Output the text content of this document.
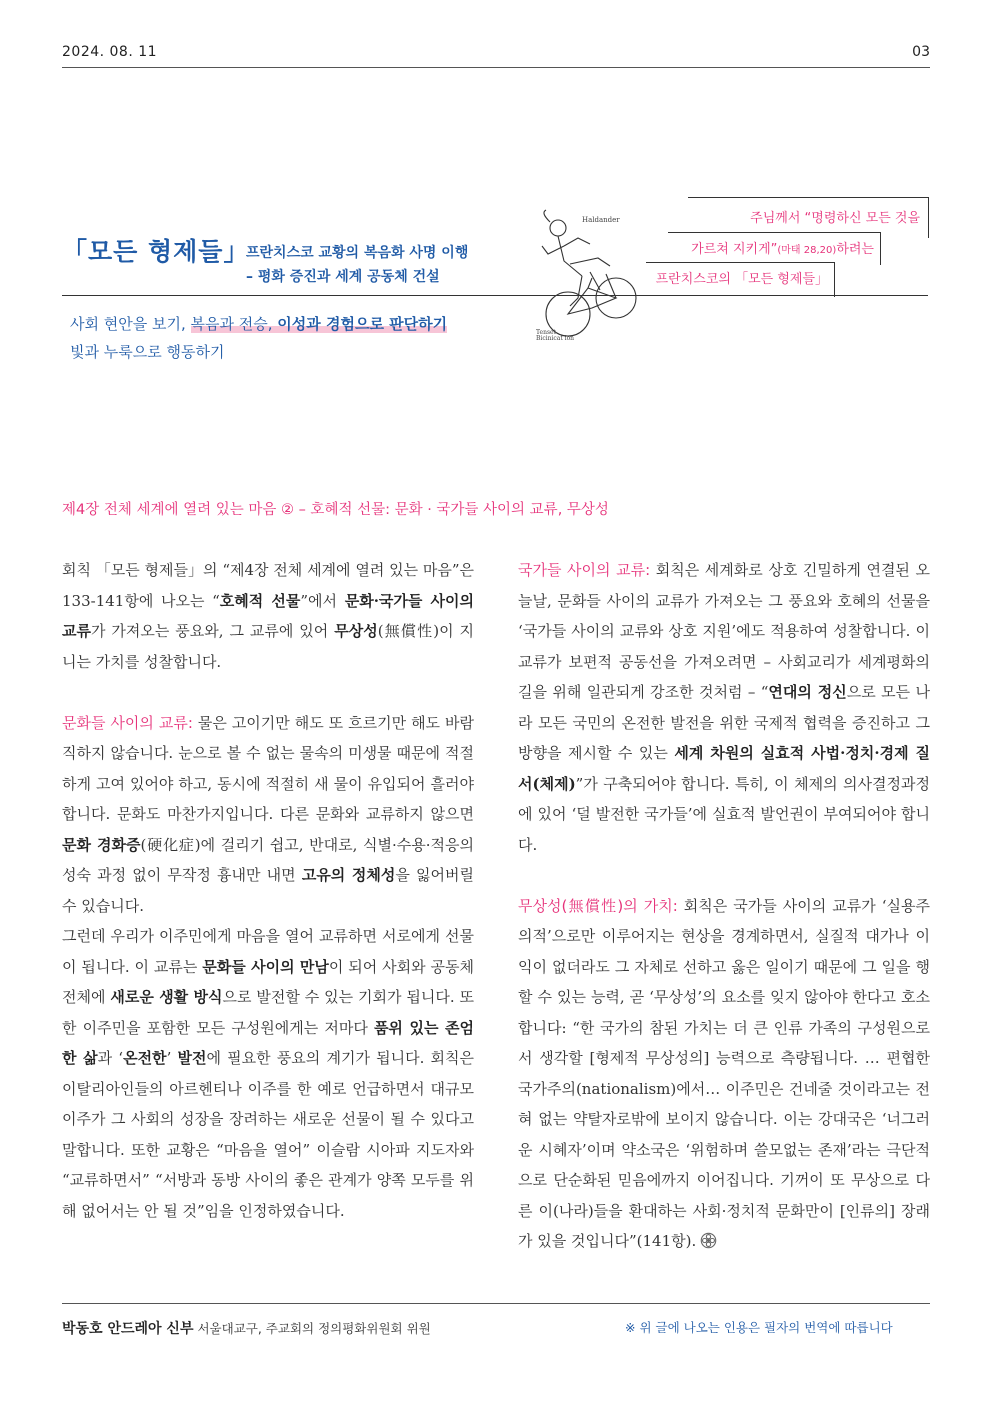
2024. 08. 11	03
「모든 형제들」
프란치스코 교황의 복음화 사명 이행
– 평화 증진과 세계 공동체 건설
Haldander
Tenset
Bicinicat ion
주님께서 “명령하신 모든 것을
가르쳐 지키게”(마태 28,20)하려는
프란치스코의 「모든 형제들」
사회 현안을 보기, 복음과 전승, 이성과 경험으로 판단하기
빛과 누룩으로 행동하기
제4장 전체 세계에 열려 있는 마음 ② – 호혜적 선물: 문화 · 국가들 사이의 교류, 무상성

회칙 「모든 형제들」의 “제4장 전체 세계에 열려 있는 마음”은 133-141항에 나오는 “호혜적 선물”에서 문화·국가들 사이의 교류가 가져오는 풍요와, 그 교류에 있어 무상성(無償性)이 지니는 가치를 성찰합니다.

문화들 사이의 교류: 물은 고이기만 해도 또 흐르기만 해도 바람직하지 않습니다. 눈으로 볼 수 없는 물속의 미생물 때문에 적절하게 고여 있어야 하고, 동시에 적절히 새 물이 유입되어 흘러야 합니다. 문화도 마찬가지입니다. 다른 문화와 교류하지 않으면 문화 경화증(硬化症)에 걸리기 쉽고, 반대로, 식별·수용·적응의 성숙 과정 없이 무작정 흉내만 내면 고유의 정체성을 잃어버릴 수 있습니다.

그런데 우리가 이주민에게 마음을 열어 교류하면 서로에게 선물이 됩니다. 이 교류는 문화들 사이의 만남이 되어 사회와 공동체 전체에 새로운 생활 방식으로 발전할 수 있는 기회가 됩니다. 또한 이주민을 포함한 모든 구성원에게는 저마다 품위 있는 존엄한 삶과 ‘온전한’ 발전에 필요한 풍요의 계기가 됩니다. 회칙은 이탈리아인들의 아르헨티나 이주를 한 예로 언급하면서 대규모 이주가 그 사회의 성장을 장려하는 새로운 선물이 될 수 있다고 말합니다. 또한 교황은 “마음을 열어” 이슬람 시아파 지도자와 “교류하면서” “서방과 동방 사이의 좋은 관계가 양쪽 모두를 위해 없어서는 안 될 것”임을 인정하였습니다.

국가들 사이의 교류: 회칙은 세계화로 상호 긴밀하게 연결된 오늘날, 문화들 사이의 교류가 가져오는 그 풍요와 호혜의 선물을 ‘국가들 사이의 교류와 상호 지원’에도 적용하여 성찰합니다. 이 교류가 보편적 공동선을 가져오려면 – 사회교리가 세계평화의 길을 위해 일관되게 강조한 것처럼 – “연대의 정신으로 모든 나라 모든 국민의 온전한 발전을 위한 국제적 협력을 증진하고 그 방향을 제시할 수 있는 세계 차원의 실효적 사법·정치·경제 질서(체제)”가 구축되어야 합니다. 특히, 이 체제의 의사결정과정에 있어 ‘덜 발전한 국가들’에 실효적 발언권이 부여되어야 합니다.

무상성(無償性)의 가치: 회칙은 국가들 사이의 교류가 ‘실용주의적’으로만 이루어지는 현상을 경계하면서, 실질적 대가나 이익이 없더라도 그 자체로 선하고 옳은 일이기 때문에 그 일을 행할 수 있는 능력, 곧 ‘무상성’의 요소를 잊지 않아야 한다고 호소합니다: “한 국가의 참된 가치는 더 큰 인류 가족의 구성원으로서 생각할 [형제적 무상성의] 능력으로 측량됩니다. … 편협한 국가주의(nationalism)에서… 이주민은 건네줄 것이라고는 전혀 없는 약탈자로밖에 보이지 않습니다. 이는 강대국은 ‘너그러운 시혜자’이며 약소국은 ‘위험하며 쓸모없는 존재’라는 극단적으로 단순화된 믿음에까지 이어집니다. 기꺼이 또 무상으로 다른 이(나라)들을 환대하는 사회·정치적 문화만이 [인류의] 장래가 있을 것입니다”(141항).

박동호 안드레아 신부 서울대교구, 주교회의 정의평화위원회 위원	※ 위 글에 나오는 인용은 필자의 번역에 따릅니다
